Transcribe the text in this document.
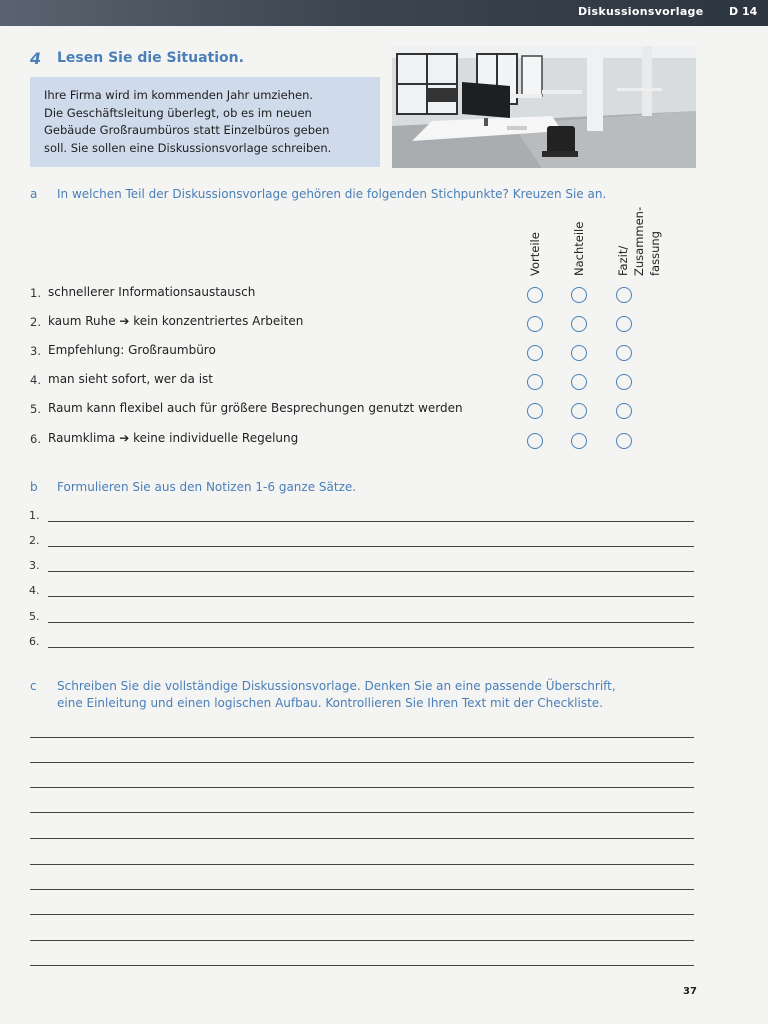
Diskussionsvorlage D 14
4 Lesen Sie die Situation.
Ihre Firma wird im kommenden Jahr umziehen.
Die Geschäftsleitung überlegt, ob es im neuen
Gebäude Großraumbüros statt Einzelbüros geben
soll. Sie sollen eine Diskussionsvorlage schreiben.
a In welchen Teil der Diskussionsvorlage gehören die folgenden Stichpunkte? Kreuzen Sie an.
Vorteile	Nachteile	Fazit/ Zusammen- fassung
1. schnellerer Informationsaustausch
2. kaum Ruhe ➔ kein konzentriertes Arbeiten
3. Empfehlung: Großraumbüro
4. man sieht sofort, wer da ist
5. Raum kann flexibel auch für größere Besprechungen genutzt werden
6. Raumklima ➔ keine individuelle Regelung
b Formulieren Sie aus den Notizen 1-6 ganze Sätze.
1.
2.
3.
4.
5.
6.
c Schreiben Sie die vollständige Diskussionsvorlage. Denken Sie an eine passende Überschrift,
eine Einleitung und einen logischen Aufbau. Kontrollieren Sie Ihren Text mit der Checkliste.
37
